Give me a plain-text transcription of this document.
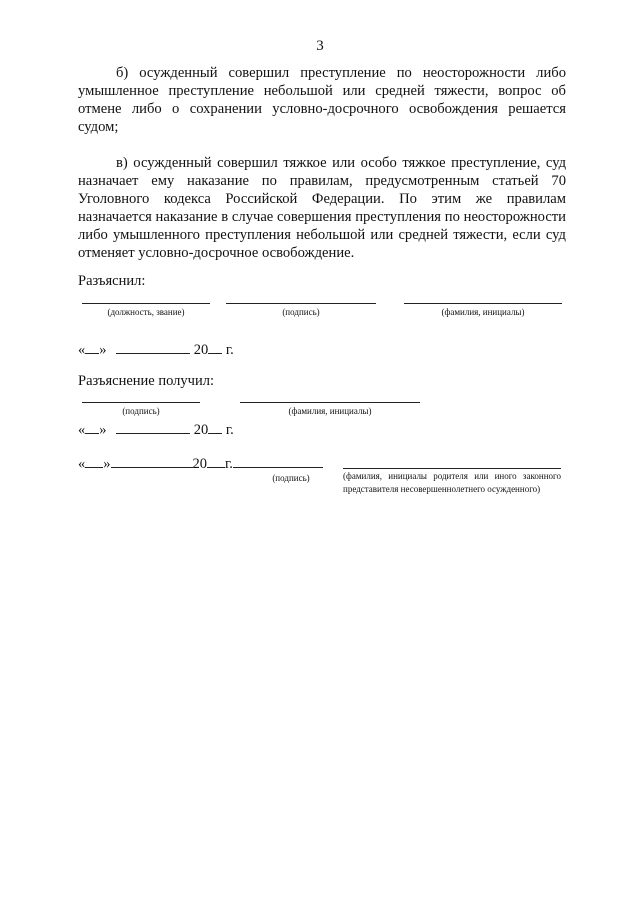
3
б) осужденный совершил преступление по неосторожности либо умышленное преступление небольшой или средней тяжести, вопрос об отмене либо о сохранении условно-досрочного освобождения решается судом;
в) осужденный совершил тяжкое или особо тяжкое преступление, суд назначает ему наказание по правилам, предусмотренным статьей 70 Уголовного кодекса Российской Федерации. По этим же правилам назначается наказание в случае совершения преступления по неосторожности либо умышленного преступления небольшой или средней тяжести, если суд отменяет условно-досрочное освобождение.
Разъяснил:
(должность, звание)	(подпись)	(фамилия, инициалы)
« »	20 г.
Разъяснение получил:
(подпись)	(фамилия, инициалы)
« »	20 г.
« »	20 г.
(подпись)	(фамилия, инициалы родителя или иного законного представителя несовершеннолетнего осужденного)
